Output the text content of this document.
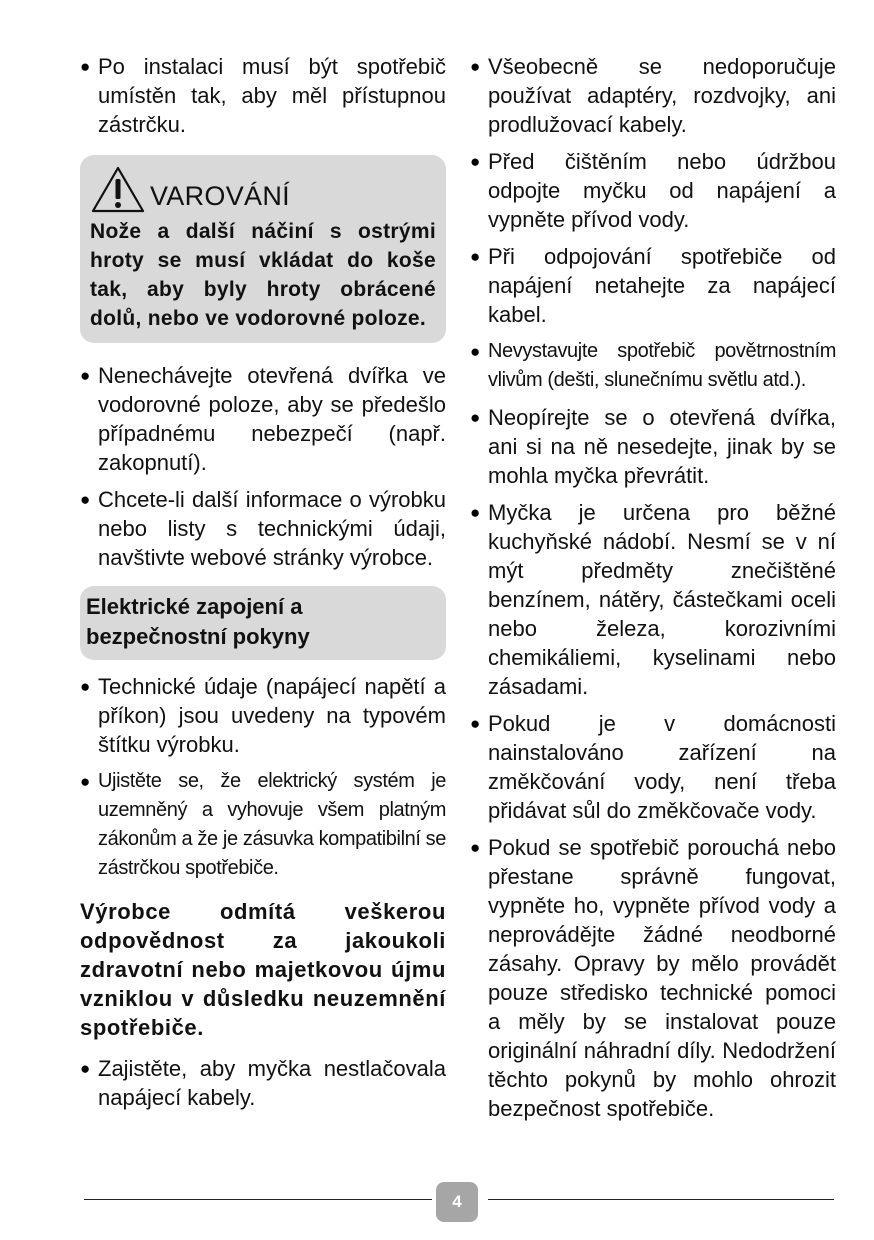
● Po instalaci musí být spotřebič umístěn tak, aby měl přístupnou zástrčku.
VAROVÁNÍ
Nože a další náčiní s ostrými hroty se musí vkládat do koše tak, aby byly hroty obrácené dolů, nebo ve vodorovné poloze.
● Nenechávejte otevřená dvířka ve vodorovné poloze, aby se předešlo případnému nebezpečí (např. zakopnutí).
● Chcete-li další informace o výrobku nebo listy s technickými údaji, navštivte webové stránky výrobce.
Elektrické zapojení a bezpečnostní pokyny
● Technické údaje (napájecí napětí a příkon) jsou uvedeny na typovém štítku výrobku.
● Ujistěte se, že elektrický systém je uzemněný a vyhovuje všem platným zákonům a že je zásuvka kompatibilní se zástrčkou spotřebiče.
Výrobce odmítá veškerou odpovědnost za jakoukoli zdravotní nebo majetkovou újmu vzniklou v důsledku neuzemnění spotřebiče.
● Zajistěte, aby myčka nestlačovala napájecí kabely.
● Všeobecně se nedoporučuje používat adaptéry, rozdvojky, ani prodlužovací kabely.
● Před čištěním nebo údržbou odpojte myčku od napájení a vypněte přívod vody.
● Při odpojování spotřebiče od napájení netahejte za napájecí kabel.
● Nevystavujte spotřebič povětrnostním vlivům (dešti, slunečnímu světlu atd.).
● Neopírejte se o otevřená dvířka, ani si na ně nesedejte, jinak by se mohla myčka převrátit.
● Myčka je určena pro běžné kuchyňské nádobí. Nesmí se v ní mýt předměty znečištěné benzínem, nátěry, částečkami oceli nebo železa, korozivními chemikáliemi, kyselinami nebo zásadami.
● Pokud je v domácnosti nainstalováno zařízení na změkčování vody, není třeba přidávat sůl do změkčovače vody.
● Pokud se spotřebič porouchá nebo přestane správně fungovat, vypněte ho, vypněte přívod vody a neprovádějte žádné neodborné zásahy. Opravy by mělo provádět pouze středisko technické pomoci a měly by se instalovat pouze originální náhradní díly. Nedodržení těchto pokynů by mohlo ohrozit bezpečnost spotřebiče.
4
